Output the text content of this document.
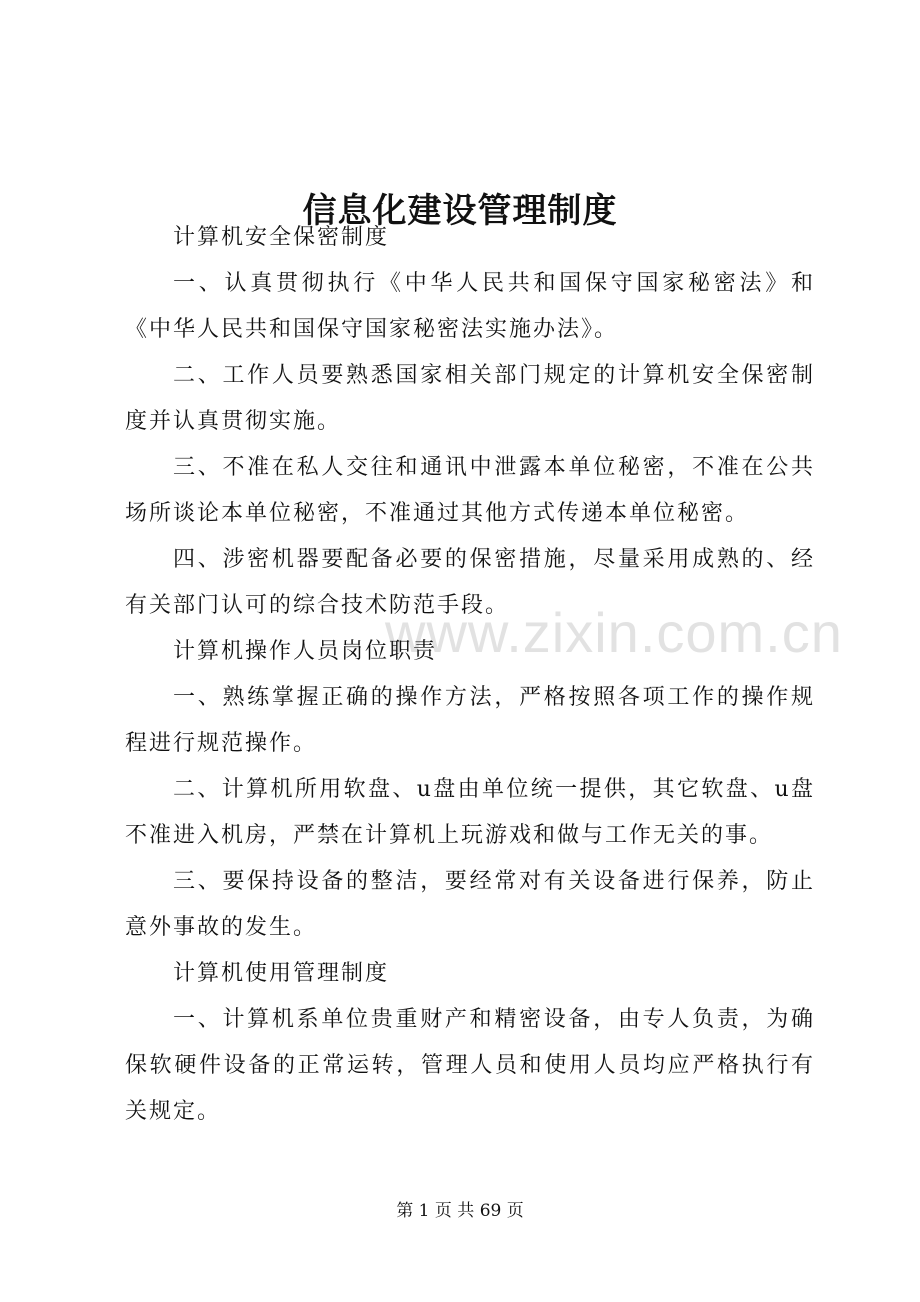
www.zixin.com.cn
信息化建设管理制度

计算机安全保密制度

一、认真贯彻执行《中华人民共和国保守国家秘密法》和《中华人民共和国保守国家秘密法实施办法》。

二、工作人员要熟悉国家相关部门规定的计算机安全保密制度并认真贯彻实施。

三、不准在私人交往和通讯中泄露本单位秘密，不准在公共场所谈论本单位秘密，不准通过其他方式传递本单位秘密。

四、涉密机器要配备必要的保密措施，尽量采用成熟的、经有关部门认可的综合技术防范手段。

计算机操作人员岗位职责

一、熟练掌握正确的操作方法，严格按照各项工作的操作规程进行规范操作。

二、计算机所用软盘、u盘由单位统一提供，其它软盘、u盘不准进入机房，严禁在计算机上玩游戏和做与工作无关的事。

三、要保持设备的整洁，要经常对有关设备进行保养，防止意外事故的发生。

计算机使用管理制度

一、计算机系单位贵重财产和精密设备，由专人负责，为确保软硬件设备的正常运转，管理人员和使用人员均应严格执行有关规定。

第 1 页 共 69 页
